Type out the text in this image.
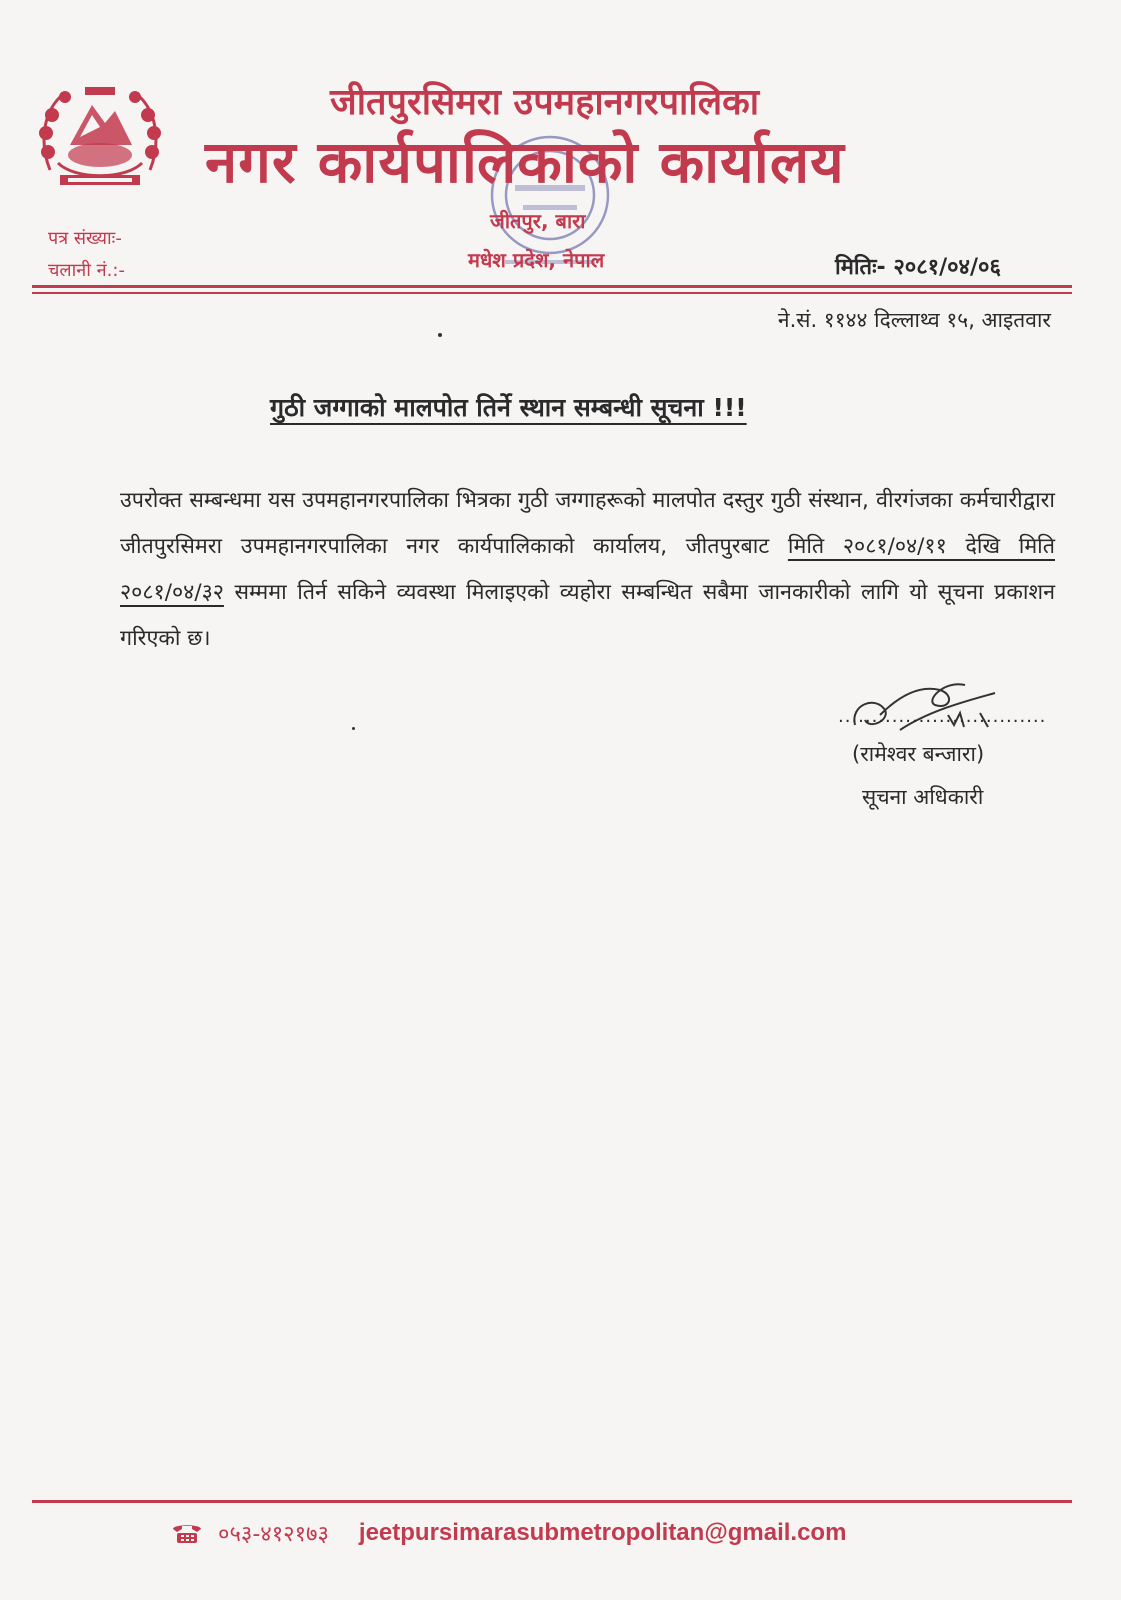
जीतपुरसिमरा उपमहानगरपालिका
नगर कार्यपालिकाको कार्यालय
जीतपुर, बारा
मधेश प्रदेश, नेपाल
पत्र संख्याः-
चलानी नं.:-	मितिः- २०८१/०४/०६
ने.सं. ११४४ दिल्लाथ्व १५, आइतवार
गुठी जग्गाको मालपोत तिर्ने स्थान सम्बन्धी सूचना !!!
उपरोक्त सम्बन्धमा यस उपमहानगरपालिका भित्रका गुठी जग्गाहरूको मालपोत दस्तुर गुठी संस्थान, वीरगंजका कर्मचारीद्वारा जीतपुरसिमरा उपमहानगरपालिका नगर कार्यपालिकाको कार्यालय, जीतपुरबाट मिति २०८१/०४/११ देखि मिति २०८१/०४/३२ सम्ममा तिर्न सकिने व्यवस्था मिलाइएको व्यहोरा सम्बन्धित सबैमा जानकारीको लागि यो सूचना प्रकाशन गरिएको छ।
...............................
(रामेश्वर बन्जारा)
सूचना अधिकारी
०५३-४१२१७३ jeetpursimarasubmetropolitan@gmail.com
